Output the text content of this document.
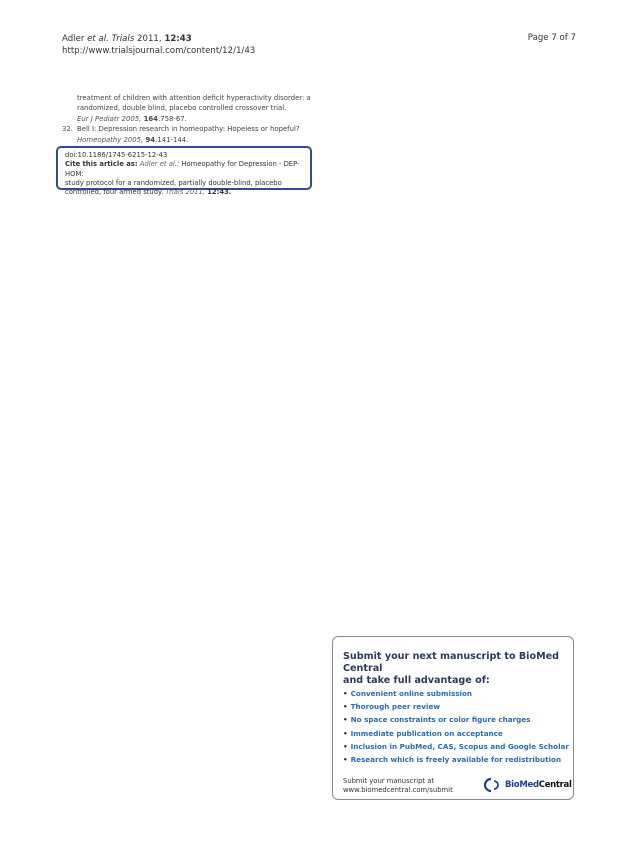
Adler et al. Trials 2011, 12:43
http://www.trialsjournal.com/content/12/1/43
Page 7 of 7
treatment of children with attention deficit hyperactivity disorder: a
randomized, double blind, placebo controlled crossover trial.
Eur J Pediatr 2005, 164:758-67.
32. Bell I: Depression research in homeopathy: Hopeless or hopeful?
Homeopathy 2005, 94:141-144.
doi:10.1186/1745-6215-12-43
Cite this article as: Adler et al.: Homeopathy for Depression - DEP-HOM:
study protocol for a randomized, partially double-blind, placebo
controlled, four armed study. Trials 2011, 12:43.
Submit your next manuscript to BioMed Central
and take full advantage of:
• Convenient online submission
• Thorough peer review
• No space constraints or color figure charges
• Immediate publication on acceptance
• Inclusion in PubMed, CAS, Scopus and Google Scholar
• Research which is freely available for redistribution
Submit your manuscript at
www.biomedcentral.com/submit	BioMed Central
